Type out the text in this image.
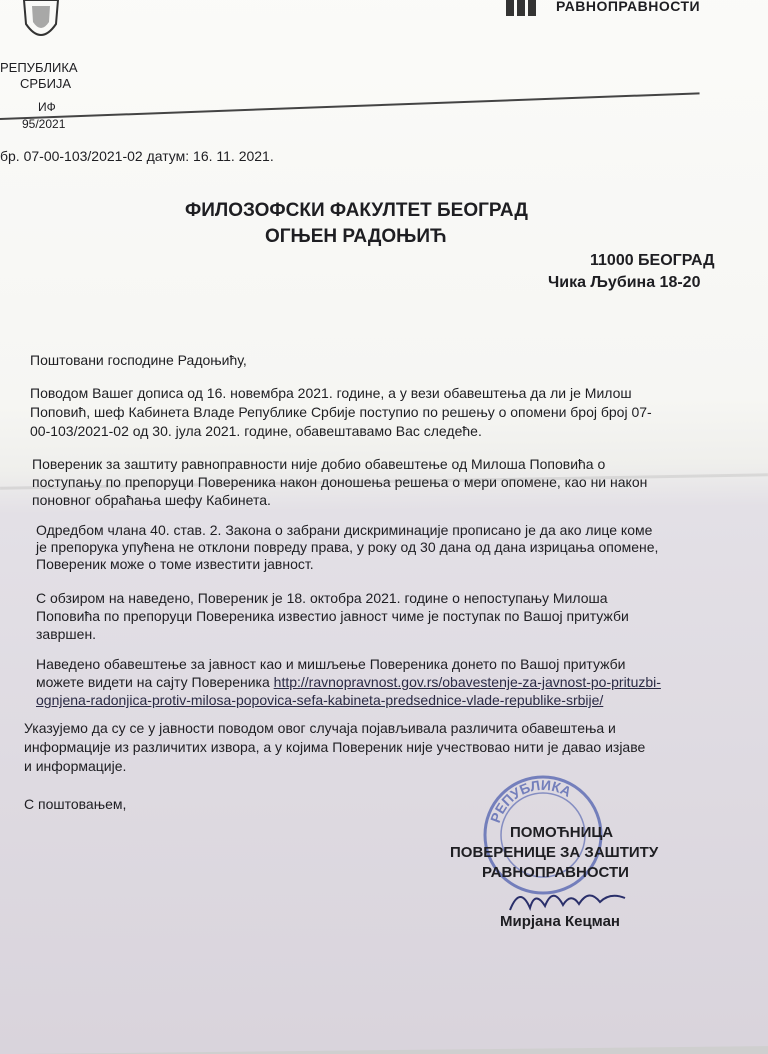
РЕПУБЛИКА
СРБИЈА
ИФ
95/2021
РАВНОПРАВНОСТИ
бр. 07-00-103/2021-02 датум: 16. 11. 2021.
ФИЛОЗОФСКИ ФАКУЛТЕТ БЕОГРАД
ОГЊЕН РАДОЊИЋ
11000 БЕОГРАД
Чика Љубина 18-20
Поштовани господине Радоњићу,
Поводом Вашег дописа од 16. новембра 2021. године, а у вези обавештења да ли је Милош
Поповић, шеф Кабинета Владе Републике Србије поступио по решењу о опомени број број 07-
00-103/2021-02 од 30. јула 2021. године, обавештавамо Вас следеће.
Повереник за заштиту равноправности није добио обавештење од Милоша Поповића о
поступању по препоруци Повереника након доношења решења о мери опомене, као ни након
поновног обраћања шефу Кабинета.
Одредбом члана 40. став. 2. Закона о забрани дискриминације прописано је да ако лице коме
је препорука упућена не отклони повреду права, у року од 30 дана од дана изрицања опомене,
Повереник може о томе известити јавност.
С обзиром на наведено, Повереник је 18. октобра 2021. године о непоступању Милоша
Поповића по препоруци Повереника известио јавност чиме је поступак по Вашој притужби
завршен.
Наведено обавештење за јавност као и мишљење Повереника донето по Вашој притужби
можете видети на сајту Повереника http://ravnopravnost.gov.rs/obavestenje-za-javnost-po-prituzbi-
ognjena-radonjica-protiv-milosa-popovica-sefa-kabineta-predsednice-vlade-republike-srbije/
Указујемо да су се у јавности поводом овог случаја појављивала различита обавештења и
информације из различитих извора, а у којима Повереник није учествовао нити је давао изјаве
и информације.
С поштовањем,
РЕПУБЛИКА
ПОМОЋНИЦА
ПОВЕРЕНИЦЕ ЗА ЗАШТИТУ
РАВНОПРАВНОСТИ
Мирјана Кецман
